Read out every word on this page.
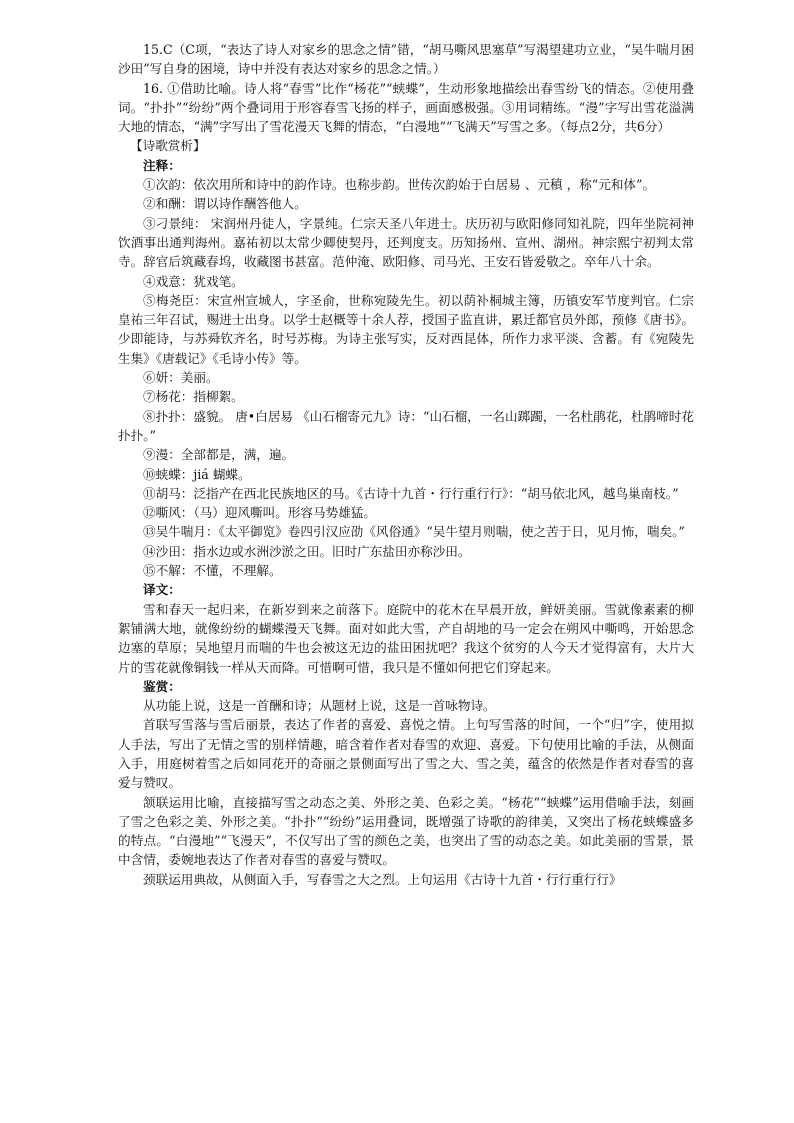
15.C（C项，“表达了诗人对家乡的思念之情”错，“胡马嘶风思塞草”写渴望建功立业，“吴牛喘月困沙田”写自身的困境，诗中并没有表达对家乡的思念之情。）

16. ①借助比喻。诗人将“春雪”比作“杨花”“蛱蝶”，生动形象地描绘出春雪纷飞的情态。②使用叠词。“扑扑”“纷纷”两个叠词用于形容春雪飞扬的样子，画面感极强。③用词精练。“漫”字写出雪花溢满大地的情态，“满”字写出了雪花漫天飞舞的情态，“白漫地”“飞满天”写雪之多。（每点2分，共6分）

【诗歌赏析】

注释：

①次韵：依次用所和诗中的韵作诗。也称步韵。世传次韵始于白居易 、元稹 ，称“元和体”。

②和酬：谓以诗作酬答他人。

③刁景纯： 宋润州丹徒人，字景纯。仁宗天圣八年进士。庆历初与欧阳修同知礼院，四年坐院祠神饮酒事出通判海州。嘉祐初以太常少卿使契丹，还判度支。历知扬州、宣州、湖州。神宗熙宁初判太常寺。辞官后筑藏春坞，收藏图书甚富。范仲淹、欧阳修、司马光、王安石皆爱敬之。卒年八十余。

④戏意：犹戏笔。

⑤梅尧臣：宋宣州宣城人，字圣俞，世称宛陵先生。初以荫补桐城主簿，历镇安军节度判官。仁宗皇祐三年召试，赐进士出身。以学士赵概等十余人荐，授国子监直讲，累迁都官员外郎，预修《唐书》。少即能诗，与苏舜钦齐名，时号苏梅。为诗主张写实，反对西昆体，所作力求平淡、含蓄。有《宛陵先生集》《唐载记》《毛诗小传》等。

⑥妍：美丽。

⑦杨花：指柳絮。

⑧扑扑：盛貌。 唐•白居易 《山石榴寄元九》诗：“山石榴，一名山踯躅，一名杜鹃花，杜鹃啼时花扑扑。”

⑨漫：全部都是，满，遍。

⑩蛱蝶：jiá 蝴蝶。

⑪胡马：泛指产在西北民族地区的马。《古诗十九首・行行重行行》：“胡马依北风，越鸟巢南枝。”

⑫嘶风：（马）迎风嘶叫。形容马势雄猛。

⑬吴牛喘月：《太平御览》卷四引汉应劭《风俗通》“吴牛望月则喘，使之苦于日，见月怖，喘矣。”

⑭沙田：指水边或水洲沙淤之田。旧时广东盐田亦称沙田。

⑮不解：不懂，不理解。

译文：

雪和春天一起归来，在新岁到来之前落下。庭院中的花木在早晨开放，鲜妍美丽。雪就像素素的柳絮铺满大地，就像纷纷的蝴蝶漫天飞舞。面对如此大雪，产自胡地的马一定会在朔风中嘶鸣，开始思念边塞的草原；吴地望月而喘的牛也会被这无边的盐田困扰吧？我这个贫穷的人今天才觉得富有，大片大片的雪花就像铜钱一样从天而降。可惜啊可惜，我只是不懂如何把它们穿起来。

鉴赏：

从功能上说，这是一首酬和诗；从题材上说，这是一首咏物诗。

首联写雪落与雪后丽景，表达了作者的喜爱、喜悦之情。上句写雪落的时间，一个“归”字，使用拟人手法，写出了无情之雪的别样情趣，暗含着作者对春雪的欢迎、喜爱。下句使用比喻的手法，从侧面入手，用庭树着雪之后如同花开的奇丽之景侧面写出了雪之大、雪之美，蕴含的依然是作者对春雪的喜爱与赞叹。

颔联运用比喻，直接描写雪之动态之美、外形之美、色彩之美。“杨花”“蛱蝶”运用借喻手法，刻画了雪之色彩之美、外形之美。“扑扑”“纷纷”运用叠词，既增强了诗歌的韵律美，又突出了杨花蛱蝶盛多的特点。“白漫地”“飞漫天”，不仅写出了雪的颜色之美，也突出了雪的动态之美。如此美丽的雪景，景中含情，委婉地表达了作者对春雪的喜爱与赞叹。

颈联运用典故，从侧面入手，写春雪之大之烈。上句运用《古诗十九首・行行重行行》
